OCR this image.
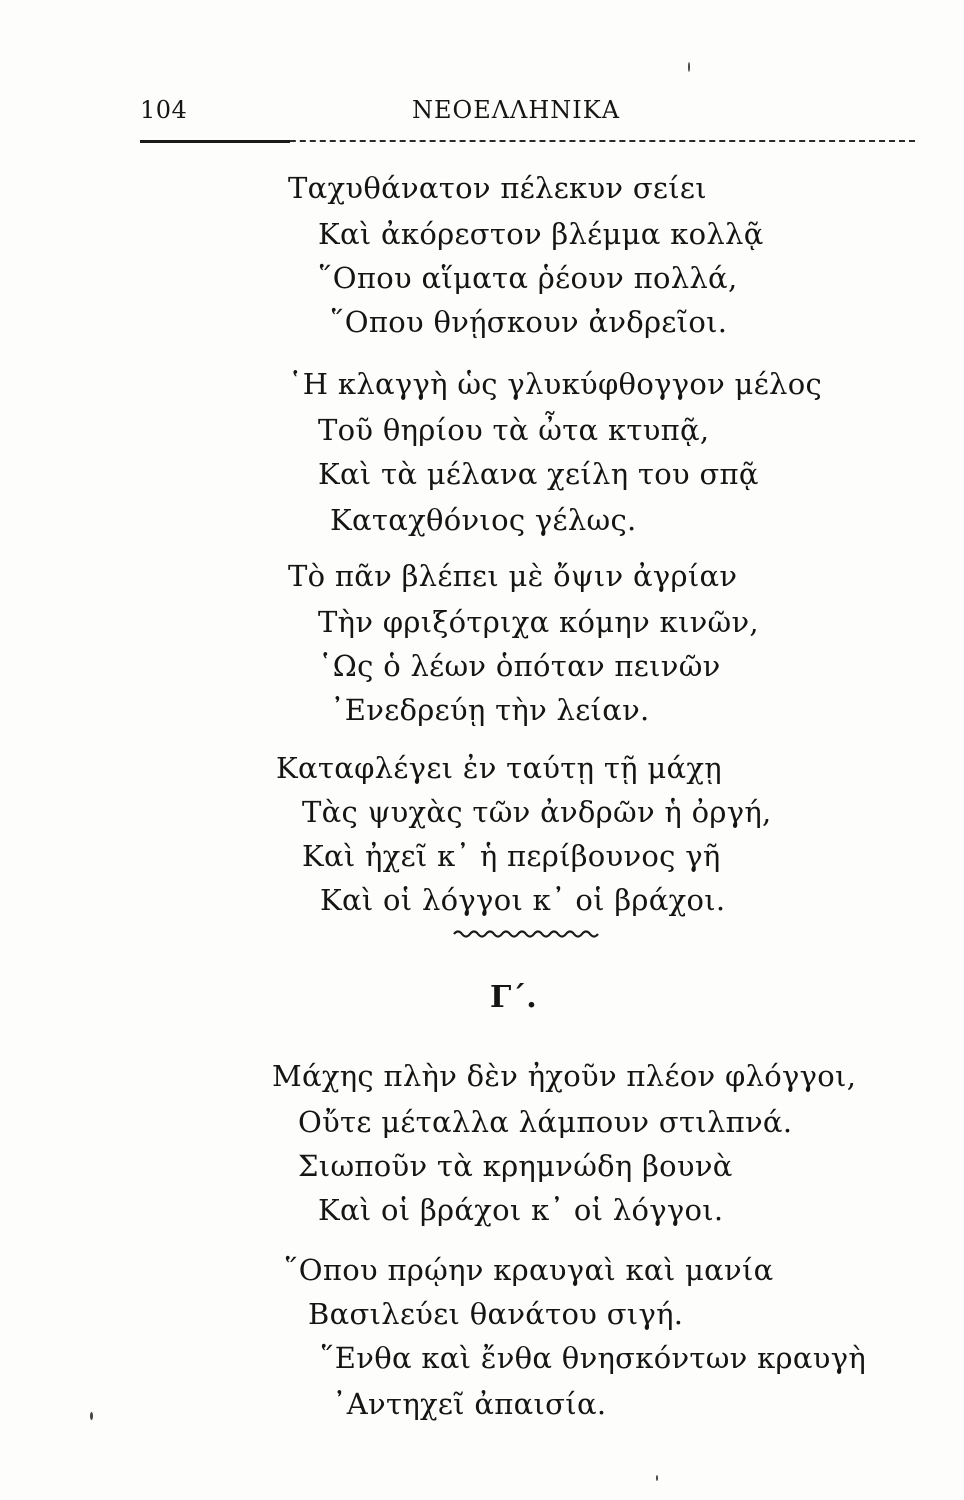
104	ΝΕΟΕΛΛΗΝΙΚΑ
Ταχυθάνατον πέλεκυν σείει
Καὶ ἀκόρεστον βλέμμα κολλᾷ
῞Οπου αἵματα ῥέουν πολλά,
῞Οπου θνῄσκουν ἀνδρεῖοι.
῾Η κλαγγὴ ὡς γλυκύφθογγον μέλος
Τοῦ θηρίου τὰ ὦτα κτυπᾷ,
Καὶ τὰ μέλανα χείλη του σπᾷ
Καταχθόνιος γέλως.
Τὸ πᾶν βλέπει μὲ ὄψιν ἀγρίαν
Τὴν φριξότριχα κόμην κινῶν,
῾Ως ὁ λέων ὁπόταν πεινῶν
᾿Ενεδρεύῃ τὴν λείαν.
Καταφλέγει ἐν ταύτῃ τῇ μάχῃ
Τὰς ψυχὰς τῶν ἀνδρῶν ἡ ὀργή,
Καὶ ἠχεῖ κ᾿ ἡ περίβουνος γῆ
Καὶ οἱ λόγγοι κ᾿ οἱ βράχοι.
Γ΄.
Μάχης πλὴν δὲν ἠχοῦν πλέον φλόγγοι,
Οὔτε μέταλλα λάμπουν στιλπνά.
Σιωποῦν τὰ κρημνώδη βουνὰ
Καὶ οἱ βράχοι κ᾿ οἱ λόγγοι.
῞Οπου πρῴην κραυγαὶ καὶ μανία
Βασιλεύει θανάτου σιγή.
῞Ενθα καὶ ἔνθα θνησκόντων κραυγὴ
᾿Αντηχεῖ ἀπαισία.
